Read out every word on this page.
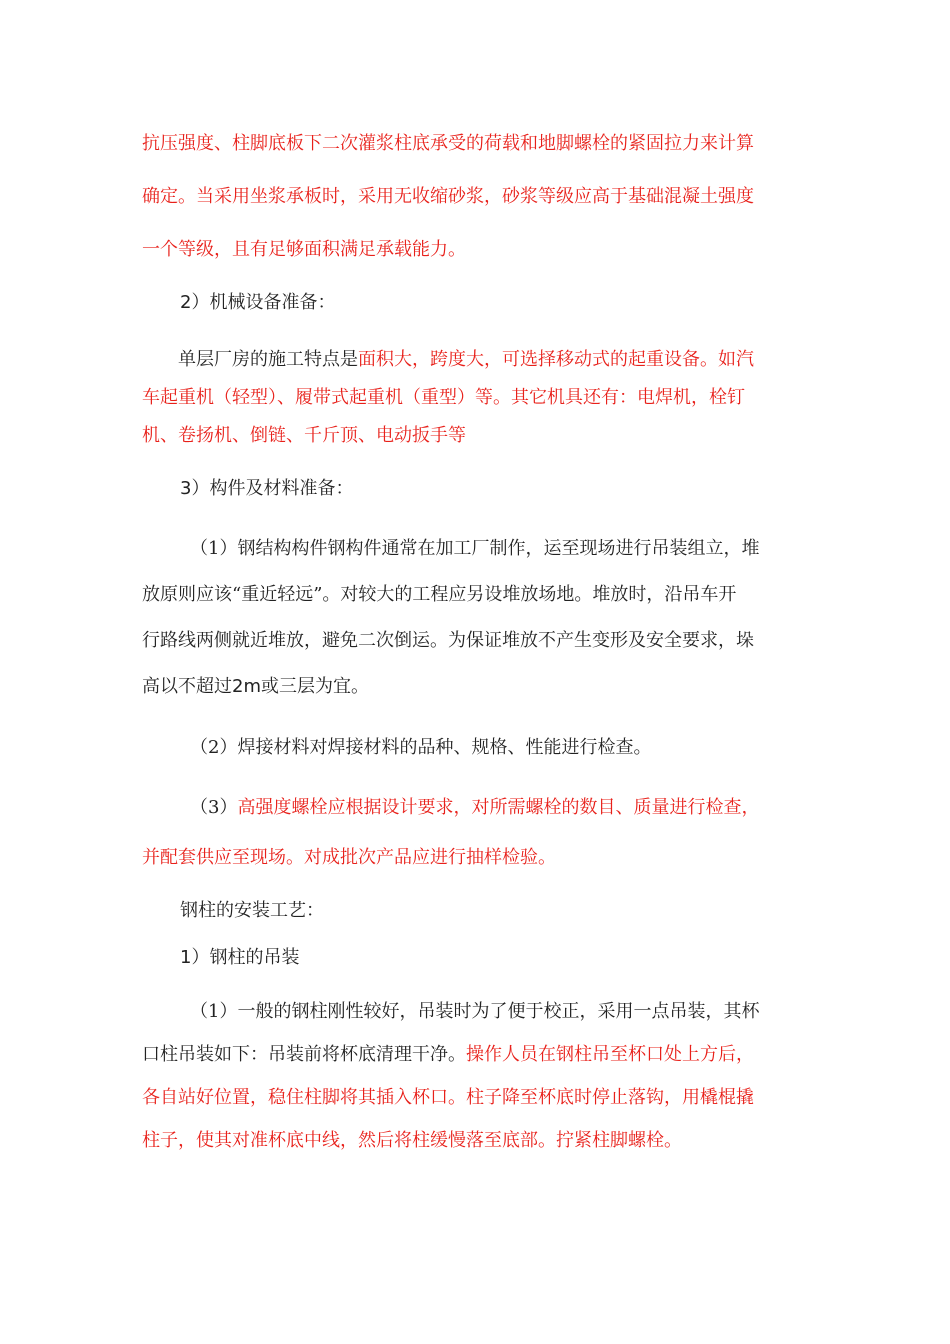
抗压强度、柱脚底板下二次灌浆柱底承受的荷载和地脚螺栓的紧固拉力来计算
确定。当采用坐浆承板时，采用无收缩砂浆，砂浆等级应高于基础混凝土强度
一个等级，且有足够面积满足承载能力。
2）机械设备准备：
单层厂房的施工特点是面积大，跨度大，可选择移动式的起重设备。如汽
车起重机（轻型）、履带式起重机（重型）等。其它机具还有：电焊机，栓钉
机、卷扬机、倒链、千斤顶、电动扳手等
3）构件及材料准备：
（1）钢结构构件钢构件通常在加工厂制作，运至现场进行吊装组立，堆
放原则应该“重近轻远”。对较大的工程应另设堆放场地。堆放时，沿吊车开
行路线两侧就近堆放，避免二次倒运。为保证堆放不产生变形及安全要求，垛
高以不超过2m或三层为宜。
（2）焊接材料对焊接材料的品种、规格、性能进行检查。
（3）高强度螺栓应根据设计要求，对所需螺栓的数目、质量进行检查，
并配套供应至现场。对成批次产品应进行抽样检验。
钢柱的安装工艺：
1）钢柱的吊装
（1）一般的钢柱刚性较好，吊装时为了便于校正，采用一点吊装，其杯
口柱吊装如下：吊装前将杯底清理干净。操作人员在钢柱吊至杯口处上方后，
各自站好位置，稳住柱脚将其插入杯口。柱子降至杯底时停止落钩，用橇棍撬
柱子，使其对准杯底中线，然后将柱缓慢落至底部。拧紧柱脚螺栓。
